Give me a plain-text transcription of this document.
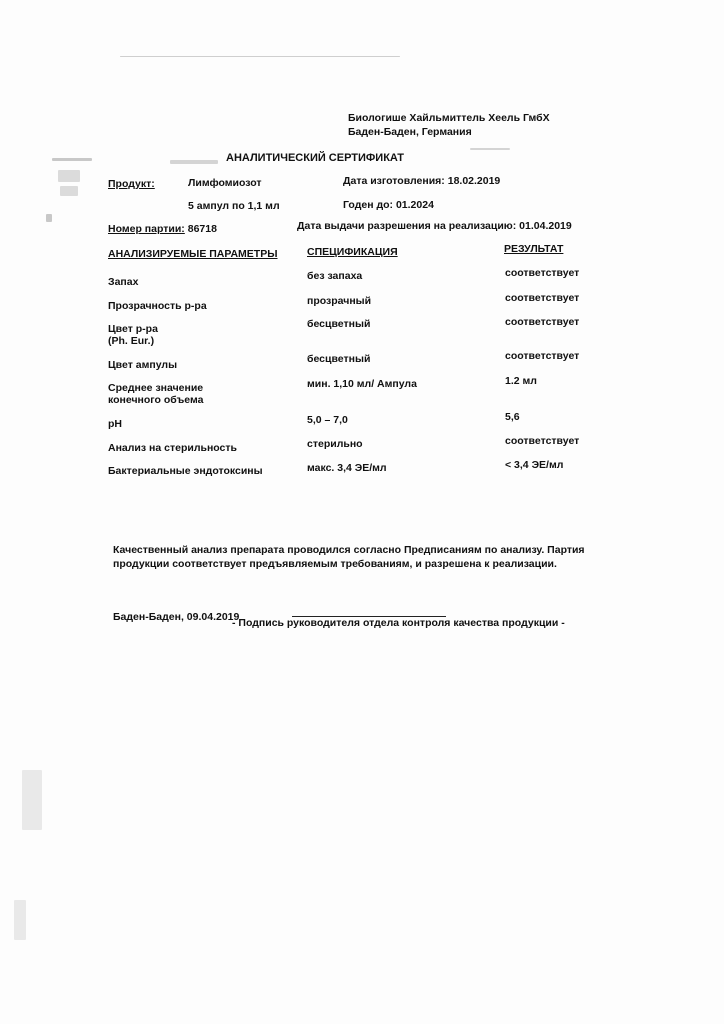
Биологише Хайльмиттель Хеель ГмбХ
Баден-Баден, Германия
АНАЛИТИЧЕСКИЙ СЕРТИФИКАТ
Продукт:	Лимфомиозот	Дата изготовления: 18.02.2019
5 ампул по 1,1 мл	Годен до: 01.2024
Номер партии: 86718	Дата выдачи разрешения на реализацию: 01.04.2019
АНАЛИЗИРУЕМЫЕ ПАРАМЕТРЫ	СПЕЦИФИКАЦИЯ	РЕЗУЛЬТАТ
Запах	без запаха	соответствует
Прозрачность р-ра	прозрачный	соответствует
Цвет р-ра
(Ph. Eur.)
бесцветный	соответствует
Цвет ампулы	бесцветный	соответствует
Среднее значение
конечного объема
мин. 1,10 мл/ Ампула	1.2 мл
pH	5,0 – 7,0	5,6
Анализ на стерильность	стерильно	соответствует
Бактериальные эндотоксины	макс. 3,4 ЭЕ/мл	< 3,4 ЭЕ/мл
Качественный анализ препарата проводился согласно Предписаниям по анализу. Партия
продукции соответствует предъявляемым требованиям, и разрешена к реализации.
Баден-Баден, 09.04.2019
- Подпись руководителя отдела контроля качества продукции -
